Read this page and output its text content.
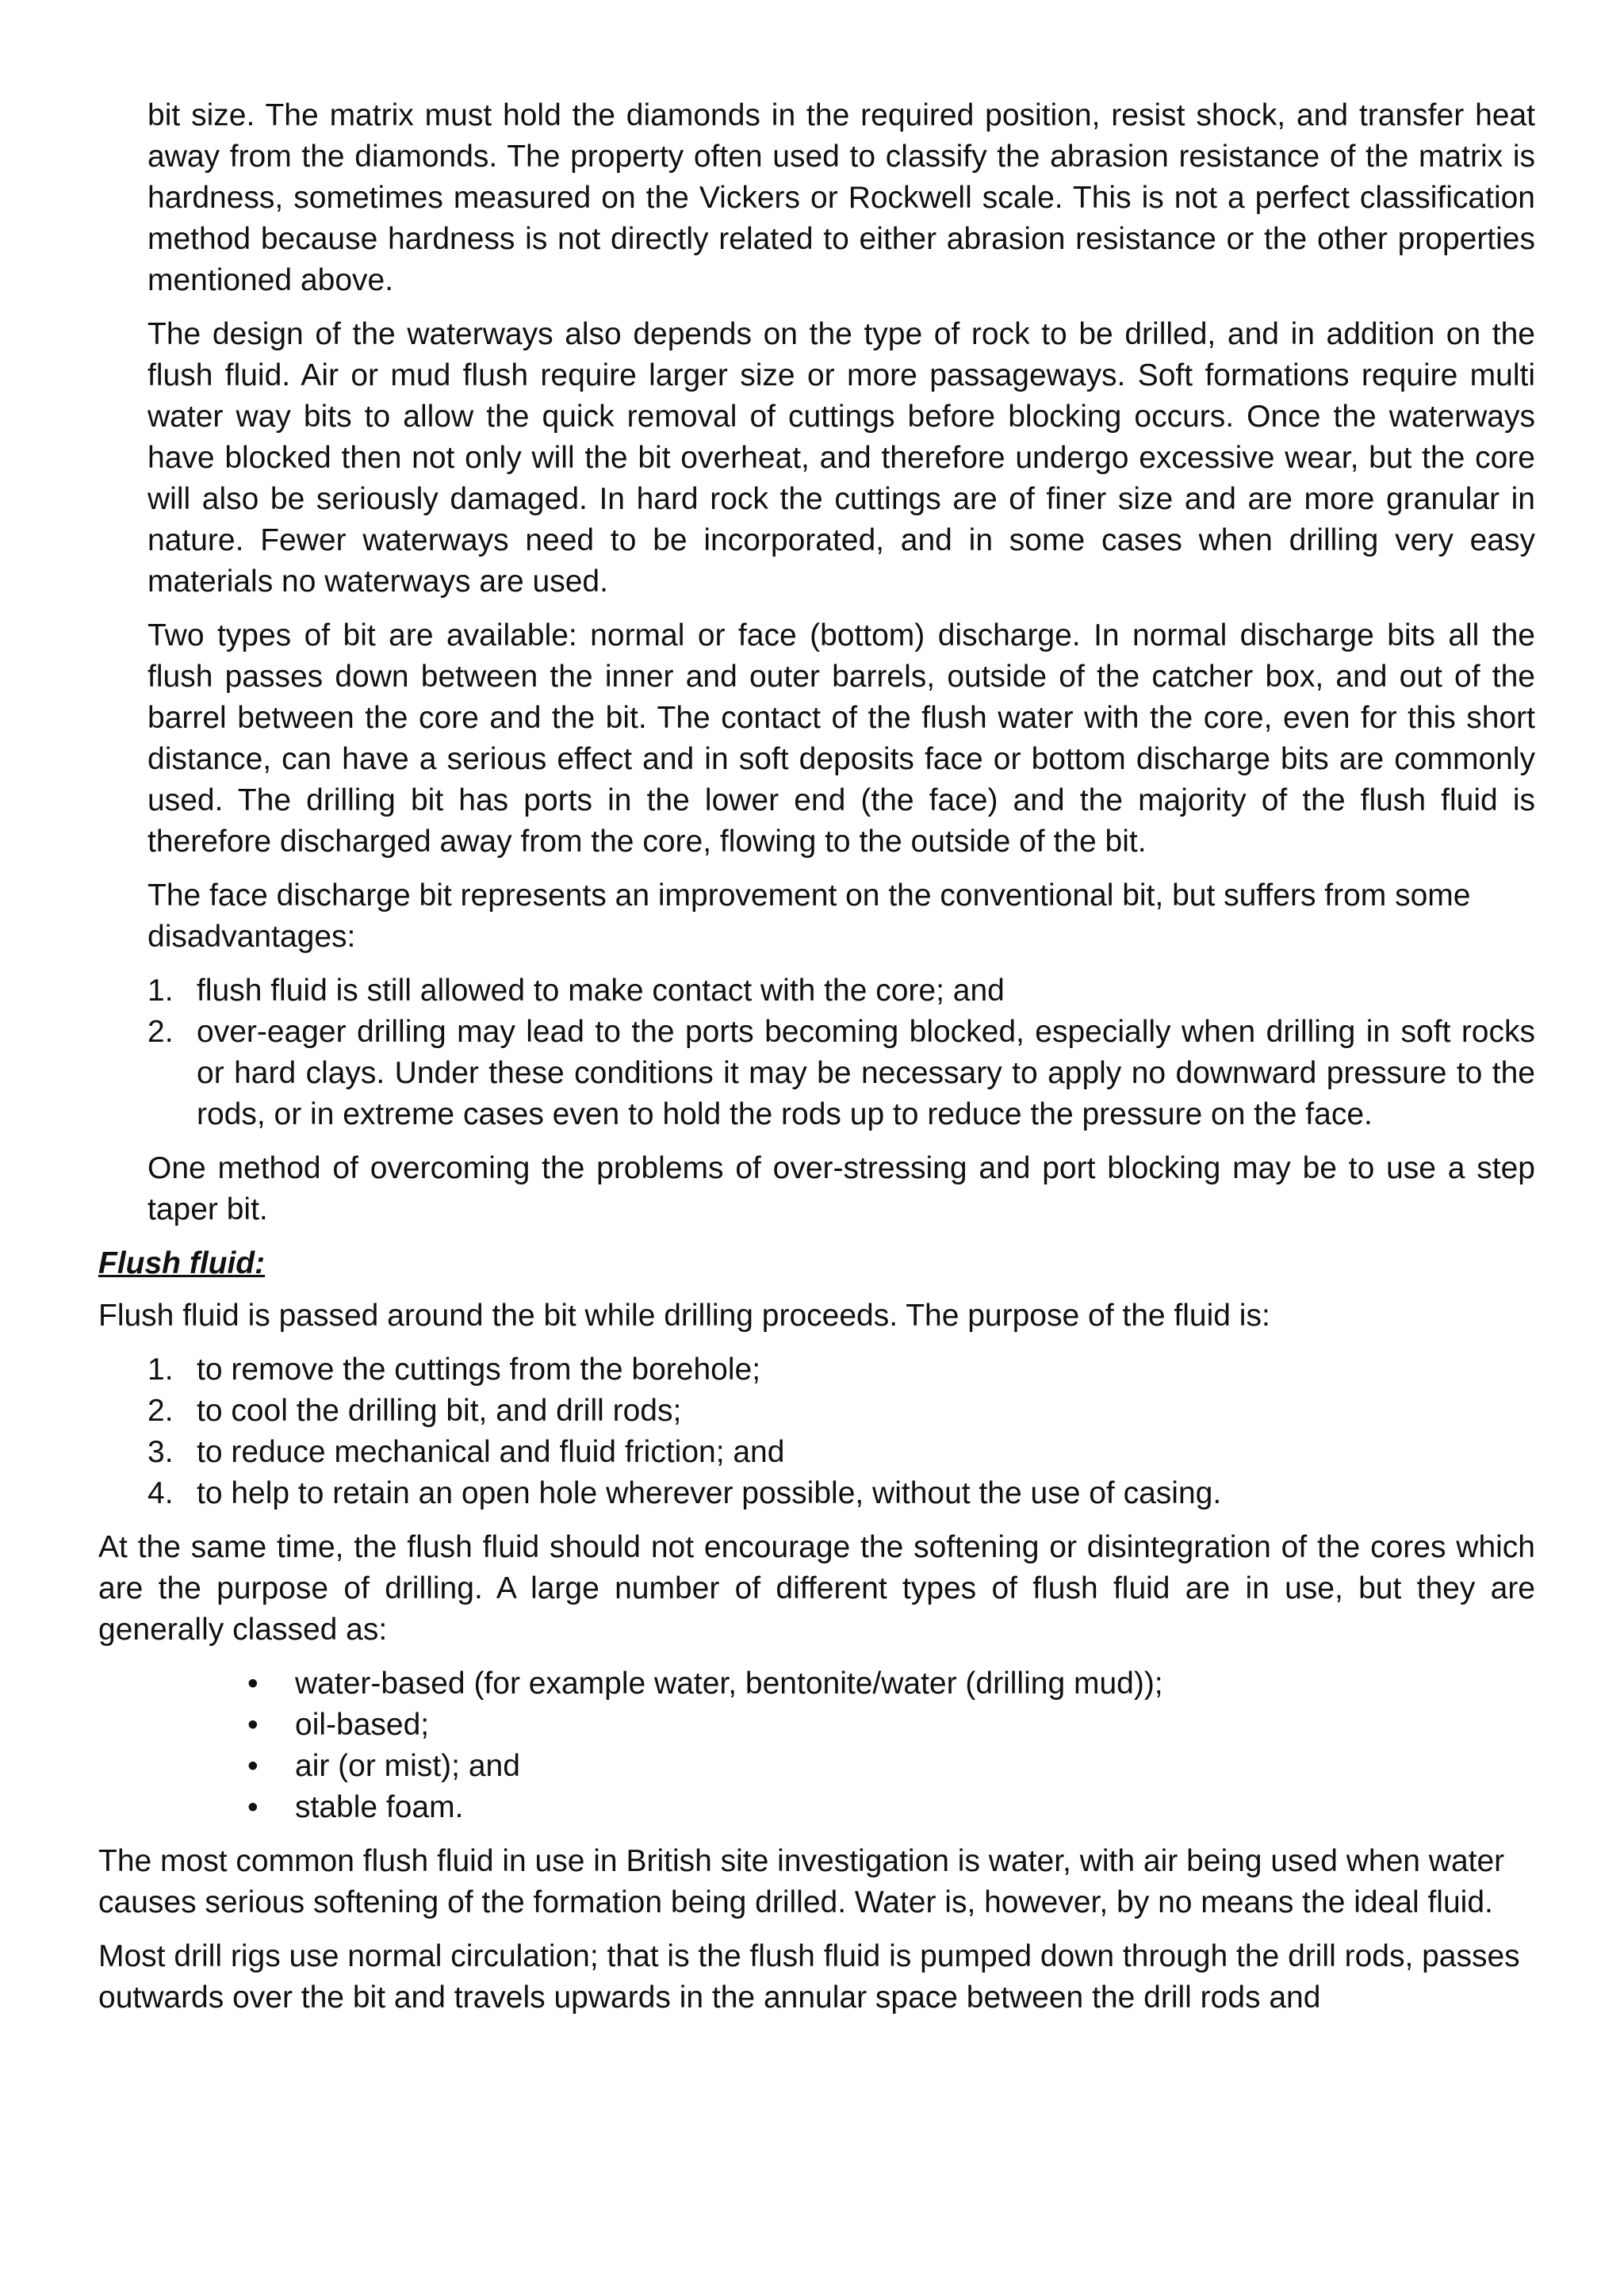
bit size. The matrix must hold the diamonds in the required position, resist shock, and transfer heat away from the diamonds. The property often used to classify the abrasion resistance of the matrix is hardness, sometimes measured on the Vickers or Rockwell scale. This is not a perfect classification method because hardness is not directly related to either abrasion resistance or the other properties mentioned above.

The design of the waterways also depends on the type of rock to be drilled, and in addition on the flush fluid. Air or mud flush require larger size or more passageways. Soft formations require multi water way bits to allow the quick removal of cuttings before blocking occurs. Once the waterways have blocked then not only will the bit overheat, and therefore undergo excessive wear, but the core will also be seriously damaged. In hard rock the cuttings are of finer size and are more granular in nature. Fewer waterways need to be incorporated, and in some cases when drilling very easy materials no waterways are used.

Two types of bit are available: normal or face (bottom) discharge. In normal discharge bits all the flush passes down between the inner and outer barrels, outside of the catcher box, and out of the barrel between the core and the bit. The contact of the flush water with the core, even for this short distance, can have a serious effect and in soft deposits face or bottom discharge bits are commonly used. The drilling bit has ports in the lower end (the face) and the majority of the flush fluid is therefore discharged away from the core, flowing to the outside of the bit.

The face discharge bit represents an improvement on the conventional bit, but suffers from some disadvantages:

1. flush fluid is still allowed to make contact with the core; and
2. over-eager drilling may lead to the ports becoming blocked, especially when drilling in soft rocks or hard clays. Under these conditions it may be necessary to apply no downward pressure to the rods, or in extreme cases even to hold the rods up to reduce the pressure on the face.

One method of overcoming the problems of over-stressing and port blocking may be to use a step taper bit.

Flush fluid:

Flush fluid is passed around the bit while drilling proceeds. The purpose of the fluid is:

1. to remove the cuttings from the borehole;
2. to cool the drilling bit, and drill rods;
3. to reduce mechanical and fluid friction; and
4. to help to retain an open hole wherever possible, without the use of casing.

At the same time, the flush fluid should not encourage the softening or disintegration of the cores which are the purpose of drilling. A large number of different types of flush fluid are in use, but they are generally classed as:

• water-based (for example water, bentonite/water (drilling mud));
• oil-based;
• air (or mist); and
• stable foam.

The most common flush fluid in use in British site investigation is water, with air being used when water causes serious softening of the formation being drilled. Water is, however, by no means the ideal fluid.

Most drill rigs use normal circulation; that is the flush fluid is pumped down through the drill rods, passes outwards over the bit and travels upwards in the annular space between the drill rods and
